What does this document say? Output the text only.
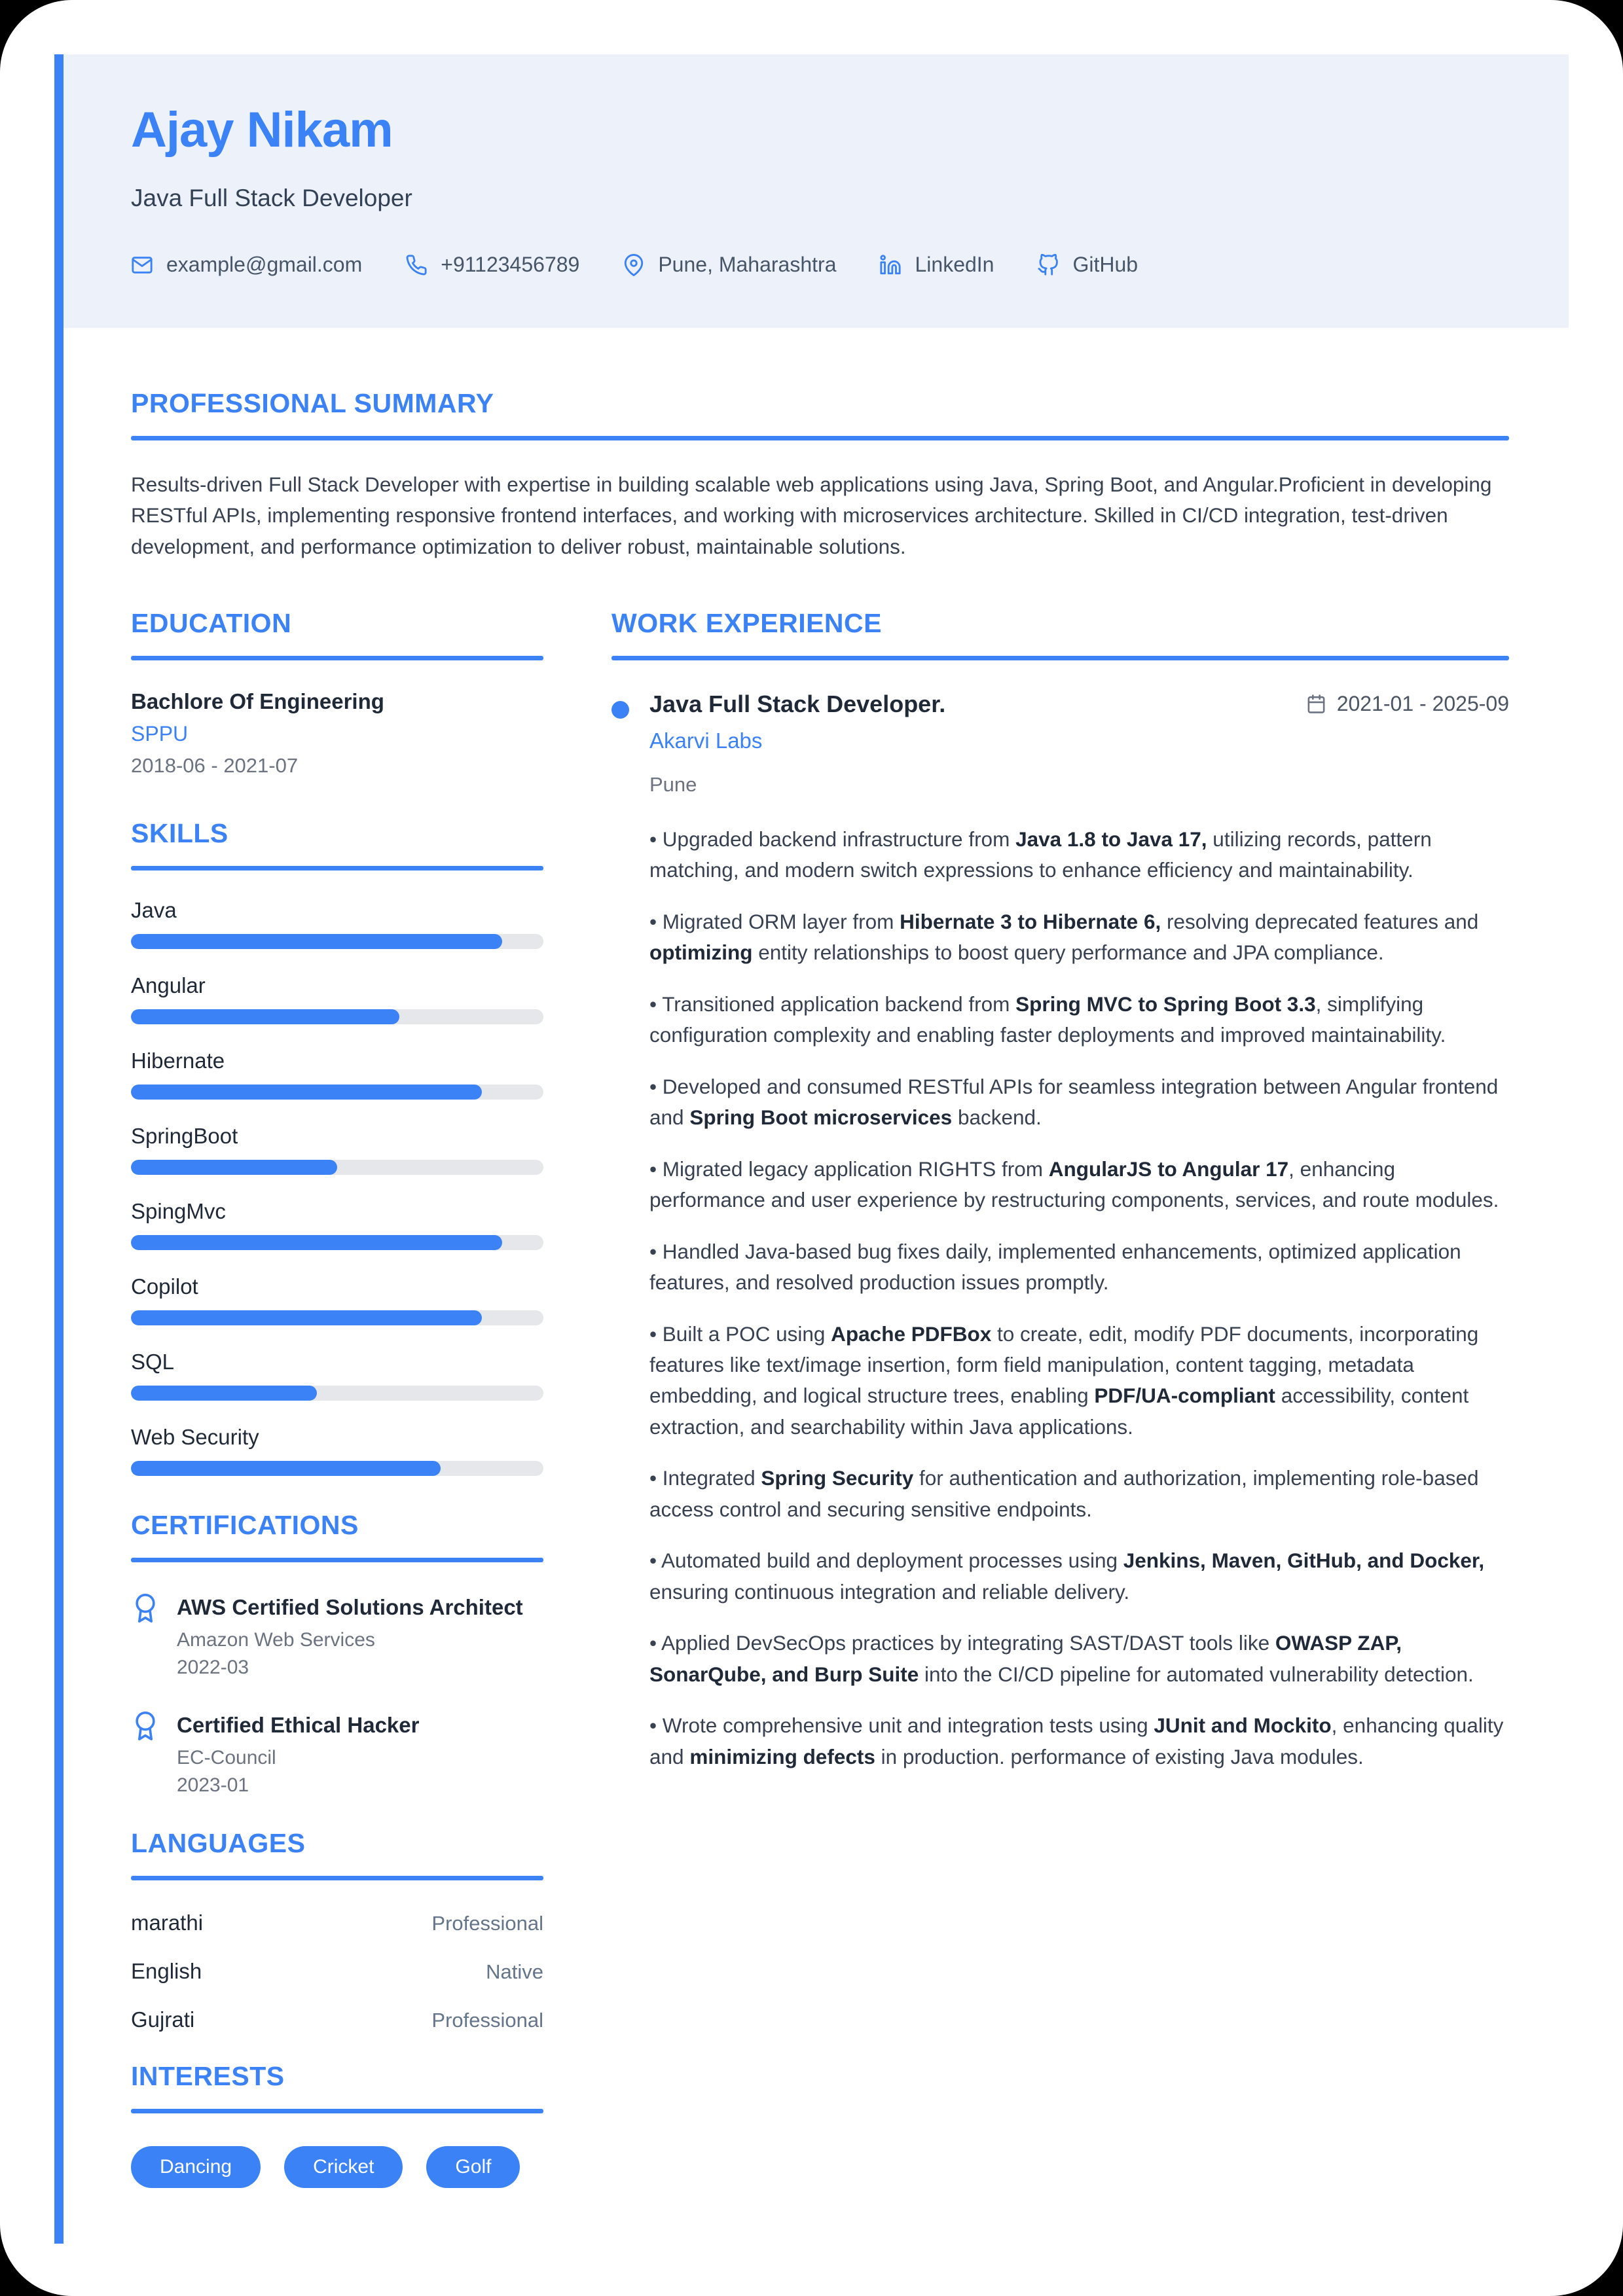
Ajay Nikam
Java Full Stack Developer
example@gmail.com	+91123456789	Pune, Maharashtra	LinkedIn	GitHub
PROFESSIONAL SUMMARY

Results-driven Full Stack Developer with expertise in building scalable web applications using Java, Spring Boot, and Angular.Proficient in developing RESTful APIs, implementing responsive frontend interfaces, and working with microservices architecture. Skilled in CI/CD integration, test-driven development, and performance optimization to deliver robust, maintainable solutions.

EDUCATION
Bachlore Of Engineering
SPPU
2018-06 - 2021-07
SKILLS
Java
Angular
Hibernate
SpringBoot
SpingMvc
Copilot
SQL
Web Security
CERTIFICATIONS
AWS Certified Solutions Architect
Amazon Web Services
2022-03
Certified Ethical Hacker
EC-Council
2023-01
LANGUAGES
marathi	Professional
English	Native
Gujrati	Professional
INTERESTS
Dancing	Cricket	Golf
WORK EXPERIENCE
Java Full Stack Developer.	2021-01 - 2025-09
Akarvi Labs
Pune

• Upgraded backend infrastructure from Java 1.8 to Java 17, utilizing records, pattern matching, and modern switch expressions to enhance efficiency and maintainability.

• Migrated ORM layer from Hibernate 3 to Hibernate 6, resolving deprecated features and optimizing entity relationships to boost query performance and JPA compliance.

• Transitioned application backend from Spring MVC to Spring Boot 3.3, simplifying configuration complexity and enabling faster deployments and improved maintainability.

• Developed and consumed RESTful APIs for seamless integration between Angular frontend and Spring Boot microservices backend.

• Migrated legacy application RIGHTS from AngularJS to Angular 17, enhancing performance and user experience by restructuring components, services, and route modules.

• Handled Java-based bug fixes daily, implemented enhancements, optimized application features, and resolved production issues promptly.

• Built a POC using Apache PDFBox to create, edit, modify PDF documents, incorporating features like text/image insertion, form field manipulation, content tagging, metadata embedding, and logical structure trees, enabling PDF/UA-compliant accessibility, content extraction, and searchability within Java applications.

• Integrated Spring Security for authentication and authorization, implementing role-based access control and securing sensitive endpoints.

• Automated build and deployment processes using Jenkins, Maven, GitHub, and Docker, ensuring continuous integration and reliable delivery.

• Applied DevSecOps practices by integrating SAST/DAST tools like OWASP ZAP, SonarQube, and Burp Suite into the CI/CD pipeline for automated vulnerability detection.

• Wrote comprehensive unit and integration tests using JUnit and Mockito, enhancing quality and minimizing defects in production. performance of existing Java modules.
